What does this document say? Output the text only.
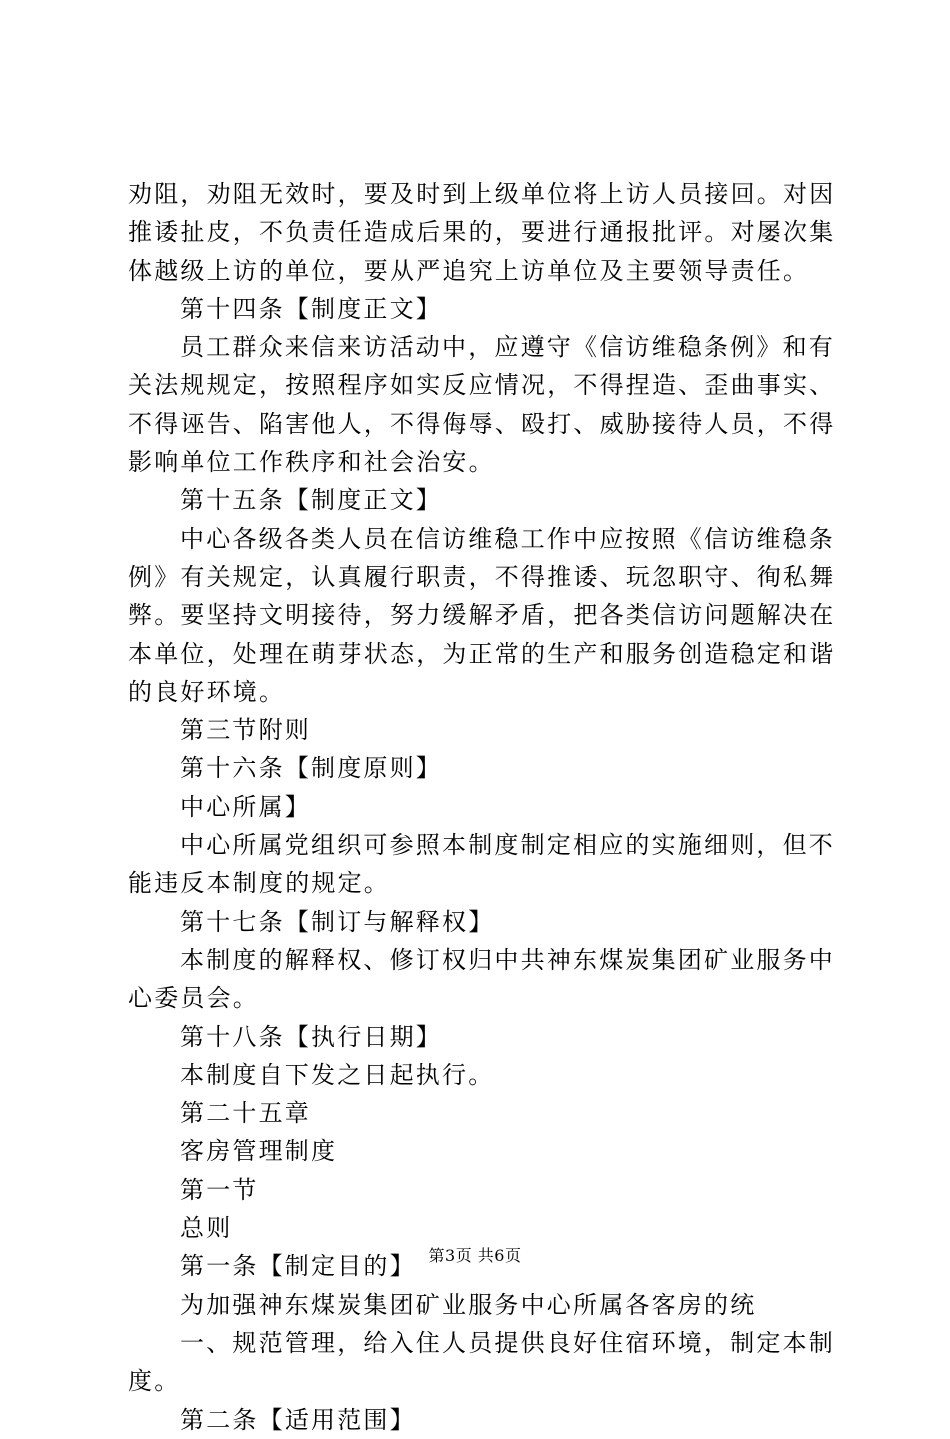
劝阻，劝阻无效时，要及时到上级单位将上访人员接回。对因
推诿扯皮，不负责任造成后果的，要进行通报批评。对屡次集
体越级上访的单位，要从严追究上访单位及主要领导责任。
第十四条【制度正文】
员工群众来信来访活动中，应遵守《信访维稳条例》和有
关法规规定，按照程序如实反应情况，不得捏造、歪曲事实、
不得诬告、陷害他人，不得侮辱、殴打、威胁接待人员，不得
影响单位工作秩序和社会治安。
第十五条【制度正文】
中心各级各类人员在信访维稳工作中应按照《信访维稳条
例》有关规定，认真履行职责，不得推诿、玩忽职守、徇私舞
弊。要坚持文明接待，努力缓解矛盾，把各类信访问题解决在
本单位，处理在萌芽状态，为正常的生产和服务创造稳定和谐
的良好环境。
第三节附则
第十六条【制度原则】
中心所属】
中心所属党组织可参照本制度制定相应的实施细则，但不
能违反本制度的规定。
第十七条【制订与解释权】
本制度的解释权、修订权归中共神东煤炭集团矿业服务中
心委员会。
第十八条【执行日期】
本制度自下发之日起执行。
第二十五章
客房管理制度
第一节
总则
第一条【制定目的】
为加强神东煤炭集团矿业服务中心所属各客房的统
一、规范管理，给入住人员提供良好住宿环境，制定本制
度。
第二条【适用范围】
第3页 共6页
